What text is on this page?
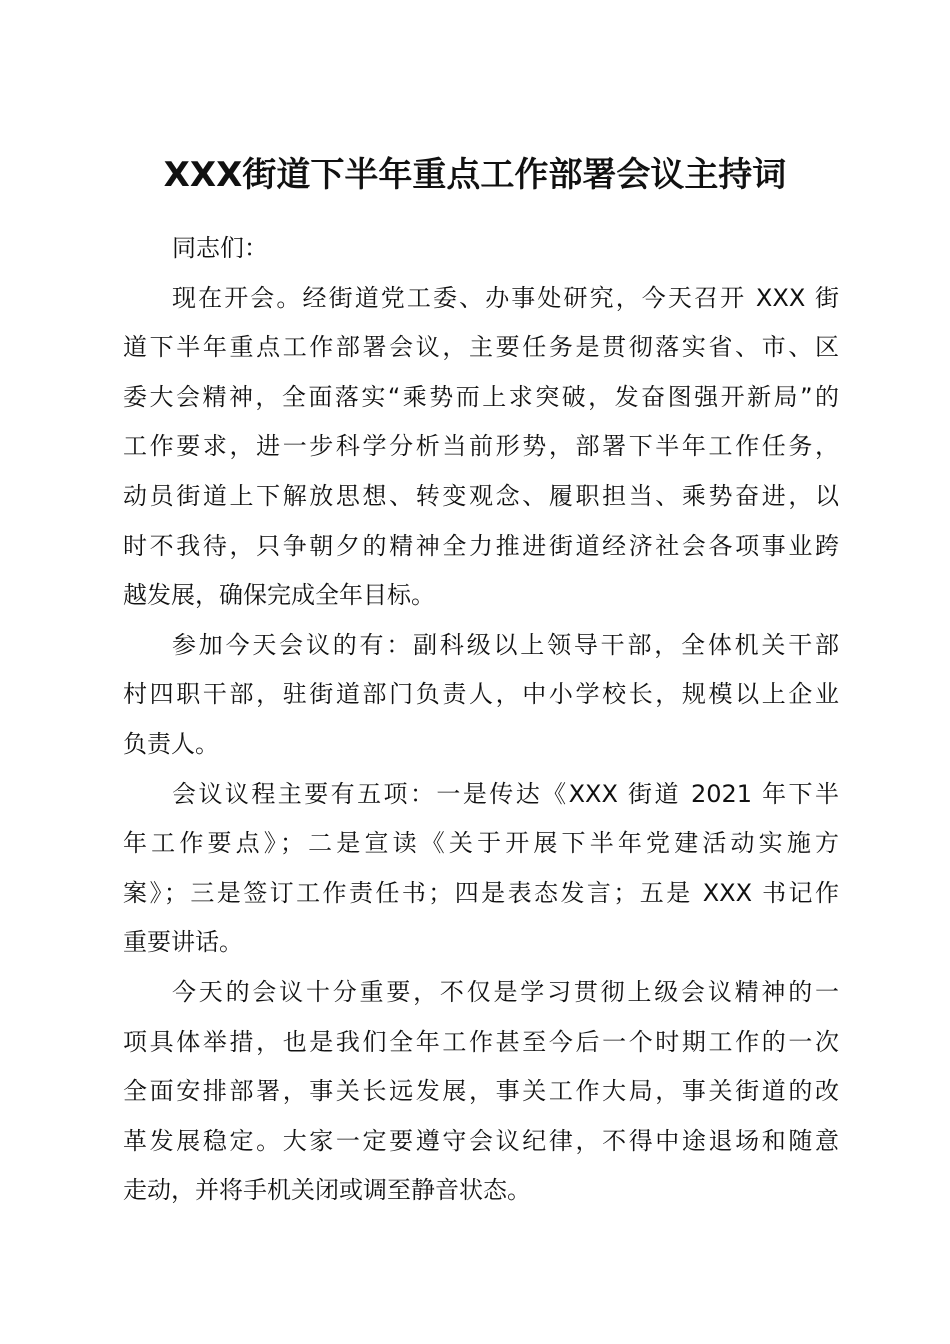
XXX街道下半年重点工作部署会议主持词
同志们：
现在开会。经街道党工委、办事处研究，今天召开 XXX 街
道下半年重点工作部署会议，主要任务是贯彻落实省、市、区
委大会精神，全面落实“乘势而上求突破，发奋图强开新局”的
工作要求，进一步科学分析当前形势，部署下半年工作任务，
动员街道上下解放思想、转变观念、履职担当、乘势奋进，以
时不我待，只争朝夕的精神全力推进街道经济社会各项事业跨
越发展，确保完成全年目标。
参加今天会议的有：副科级以上领导干部，全体机关干部
村四职干部，驻街道部门负责人，中小学校长，规模以上企业
负责人。
会议议程主要有五项：一是传达《XXX 街道 2021 年下半
年工作要点》；二是宣读《关于开展下半年党建活动实施方
案》；三是签订工作责任书；四是表态发言；五是 XXX 书记作
重要讲话。
今天的会议十分重要，不仅是学习贯彻上级会议精神的一
项具体举措，也是我们全年工作甚至今后一个时期工作的一次
全面安排部署，事关长远发展，事关工作大局，事关街道的改
革发展稳定。大家一定要遵守会议纪律，不得中途退场和随意
走动，并将手机关闭或调至静音状态。
